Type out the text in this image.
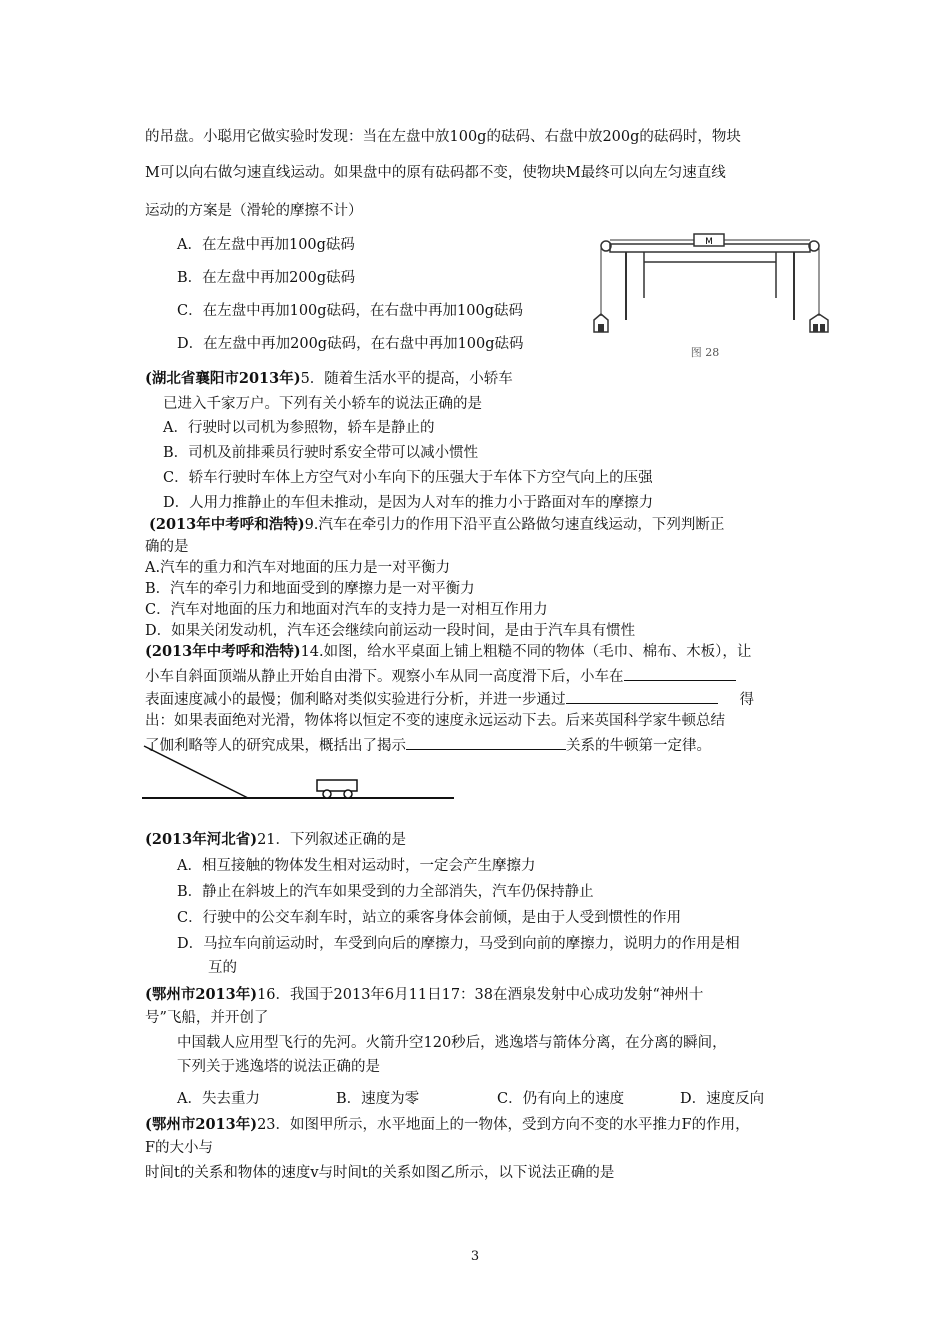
的吊盘。小聪用它做实验时发现：当在左盘中放100g的砝码、右盘中放200g的砝码时，物块
M可以向右做匀速直线运动。如果盘中的原有砝码都不变，使物块M最终可以向左匀速直线
运动的方案是（滑轮的摩擦不计）
A．在左盘中再加100g砝码
B．在左盘中再加200g砝码
C．在左盘中再加100g砝码，在右盘中再加100g砝码
D．在左盘中再加200g砝码，在右盘中再加100g砝码
M
图 28
(湖北省襄阳市2013年)5．随着生活水平的提高，小轿车
已进入千家万户。下列有关小轿车的说法正确的是
A．行驶时以司机为参照物，轿车是静止的
B．司机及前排乘员行驶时系安全带可以减小惯性
C．轿车行驶时车体上方空气对小车向下的压强大于车体下方空气向上的压强
D．人用力推静止的车但未推动，是因为人对车的推力小于路面对车的摩擦力
(2013年中考呼和浩特)9.汽车在牵引力的作用下沿平直公路做匀速直线运动，下列判断正
确的是
A.汽车的重力和汽车对地面的压力是一对平衡力
B．汽车的牵引力和地面受到的摩擦力是一对平衡力
C．汽车对地面的压力和地面对汽车的支持力是一对相互作用力
D．如果关闭发动机，汽车还会继续向前运动一段时间，是由于汽车具有惯性
(2013年中考呼和浩特)14.如图，给水平桌面上铺上粗糙不同的物体（毛巾、棉布、木板），让
小车自斜面顶端从静止开始自由滑下。观察小车从同一高度滑下后，小车在
表面速度减小的最慢；伽利略对类似实验进行分析，并进一步通过	得
出：如果表面绝对光滑，物体将以恒定不变的速度永远运动下去。后来英国科学家牛顿总结
了伽利略等人的研究成果，概括出了揭示	关系的牛顿第一定律。
(2013年河北省)21．下列叙述正确的是
A．相互接触的物体发生相对运动时，一定会产生摩擦力
B．静止在斜坡上的汽车如果受到的力全部消失，汽车仍保持静止
C．行驶中的公交车刹车时，站立的乘客身体会前倾，是由于人受到惯性的作用
D．马拉车向前运动时，车受到向后的摩擦力，马受到向前的摩擦力，说明力的作用是相
互的
(鄂州市2013年)16．我国于2013年6月11日17：38在酒泉发射中心成功发射“神州十
号”飞船，并开创了
中国载人应用型飞行的先河。火箭升空120秒后，逃逸塔与箭体分离，在分离的瞬间，
下列关于逃逸塔的说法正确的是
A．失去重力	B．速度为零	C．仍有向上的速度	D．速度反向
(鄂州市2013年)23．如图甲所示，水平地面上的一物体，受到方向不变的水平推力F的作用，
F的大小与
时间t的关系和物体的速度v与时间t的关系如图乙所示，以下说法正确的是
3
